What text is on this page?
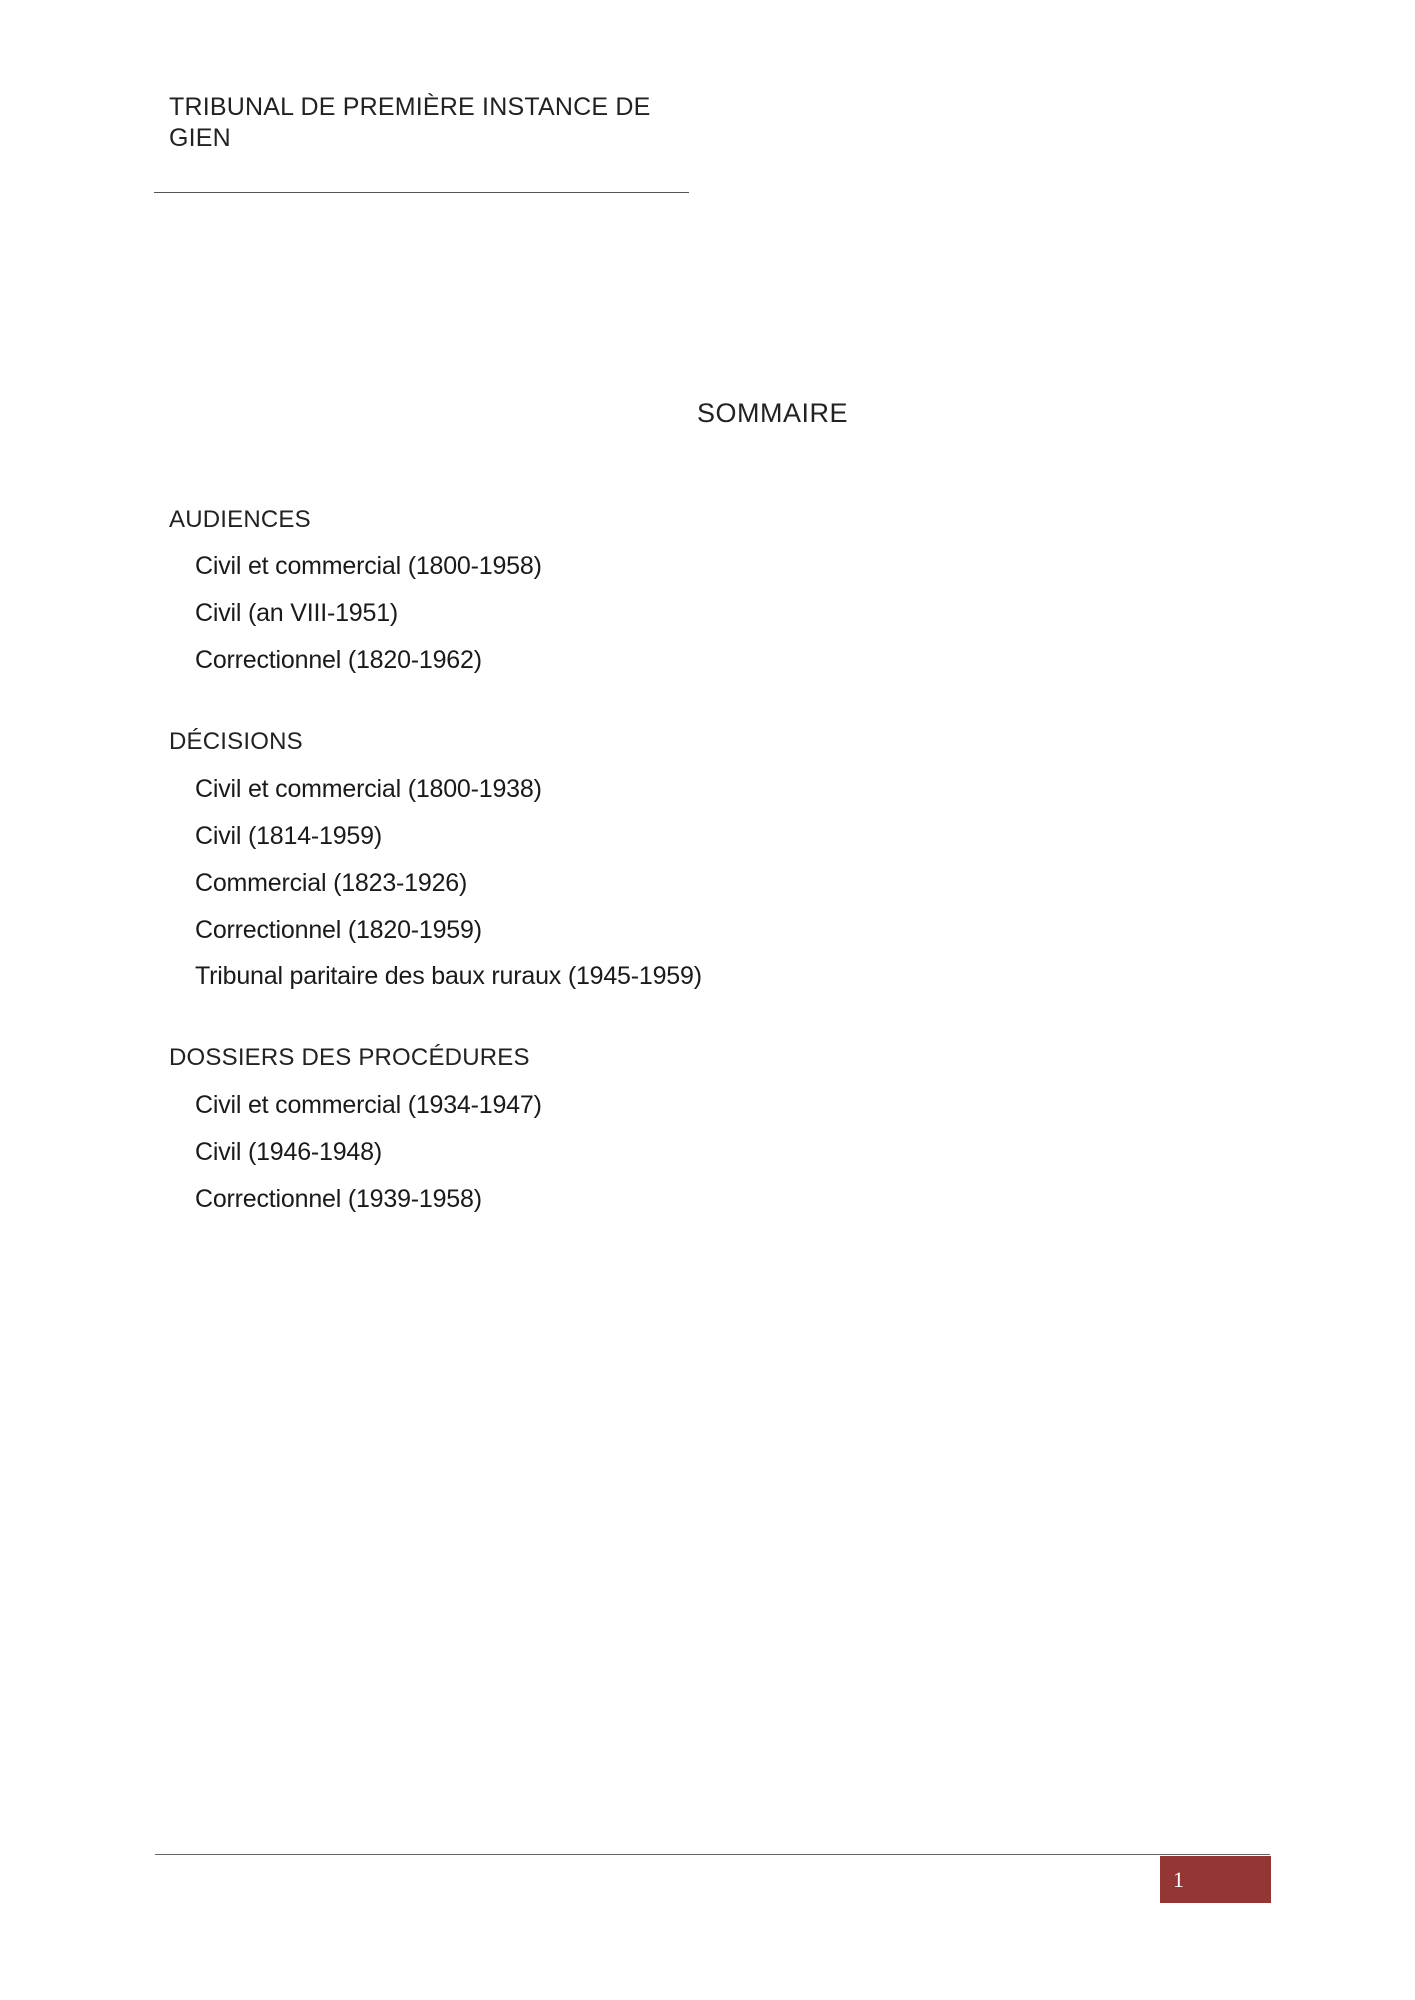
TRIBUNAL DE PREMIÈRE INSTANCE DE GIEN
SOMMAIRE
AUDIENCES
Civil et commercial (1800-1958)
Civil (an VIII-1951)
Correctionnel (1820-1962)
DÉCISIONS
Civil et commercial (1800-1938)
Civil (1814-1959)
Commercial (1823-1926)
Correctionnel (1820-1959)
Tribunal paritaire des baux ruraux (1945-1959)
DOSSIERS DES PROCÉDURES
Civil et commercial (1934-1947)
Civil (1946-1948)
Correctionnel (1939-1958)
1
